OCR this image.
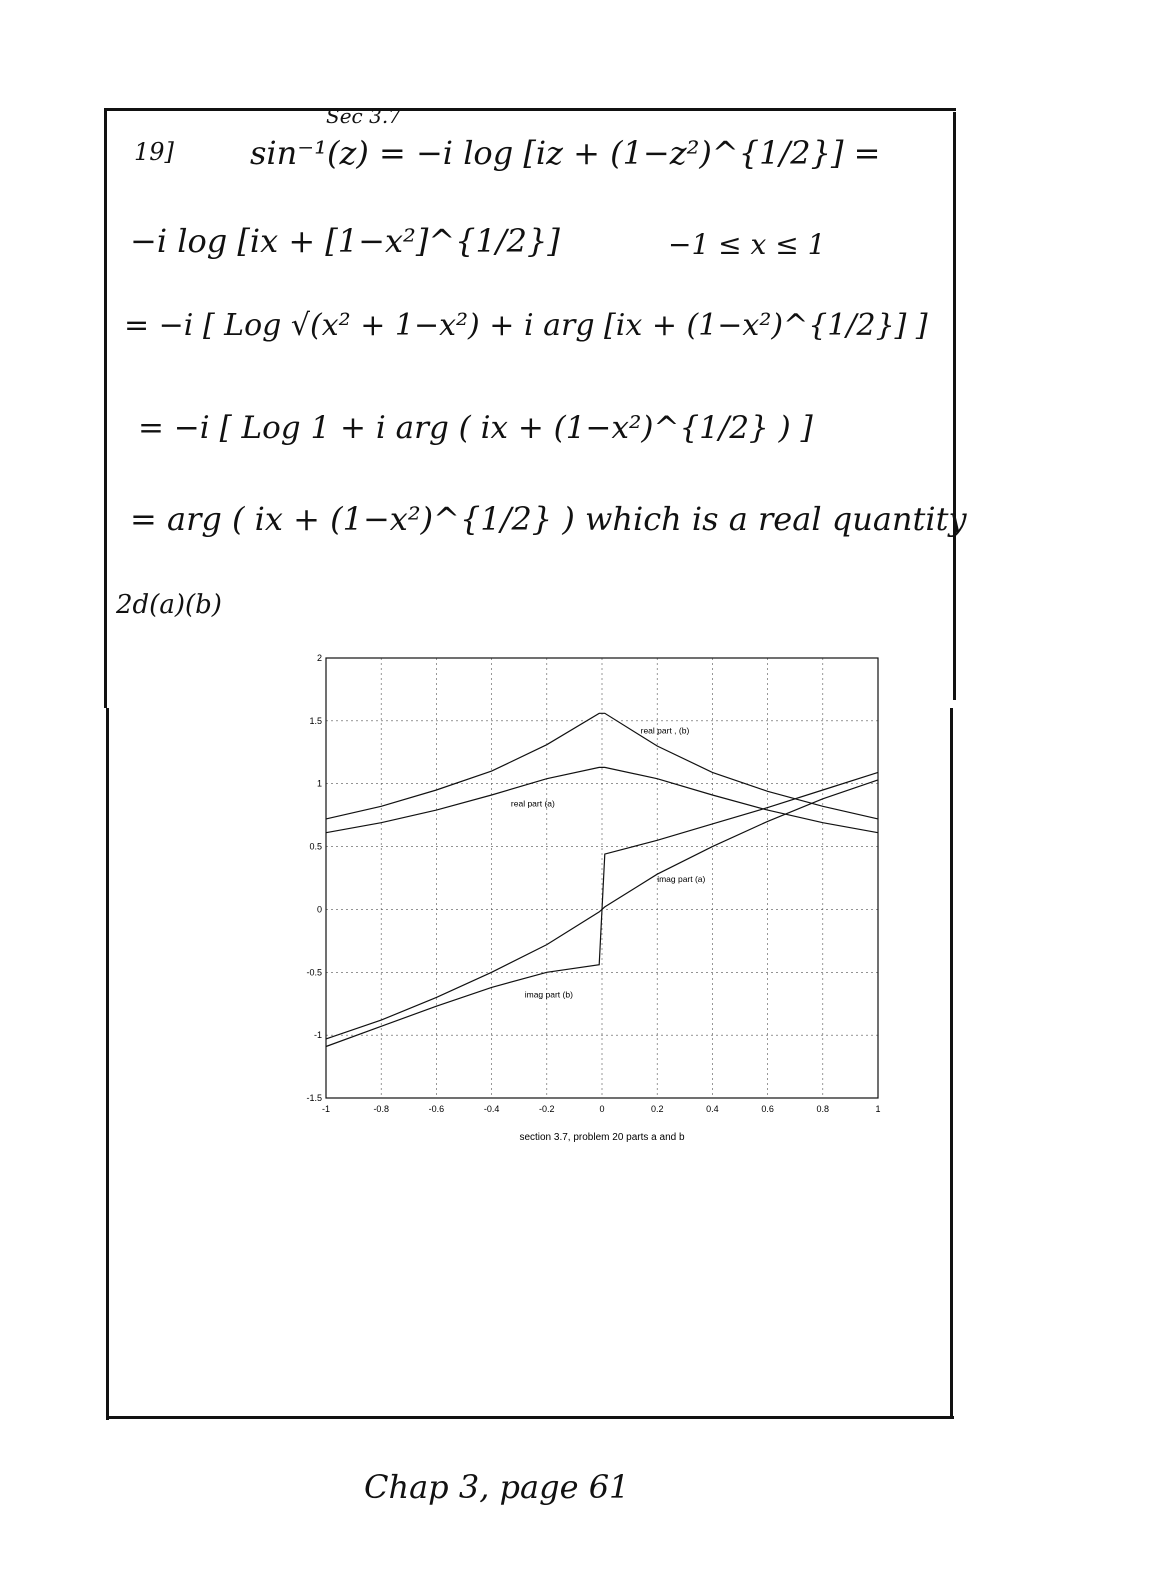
Sec 3.7
19] sin⁻¹(z) = −i log [iz + (1−z²)^{1/2}] =
−i log [ix + [1−x²]^{1/2}]	−1 ≤ x ≤ 1
= −i [ Log √(x² + 1−x²) + i arg [ix + (1−x²)^{1/2}] ]
= −i [ Log 1 + i arg ( ix + (1−x²)^{1/2} ) ]
= arg ( ix + (1−x²)^{1/2} ) which is a real quantity
2d(a)(b)
-1	-0.8	-0.6	-0.4	-0.2	0	0.2	0.4	0.6	0.8	1
-1.5
-1
-0.5
0
0.5
1
1.5
2
real part , (b)
real part (a)
imag part (a)
imag part (b)
section 3.7, problem 20 parts a and b
Chap 3, page 61
